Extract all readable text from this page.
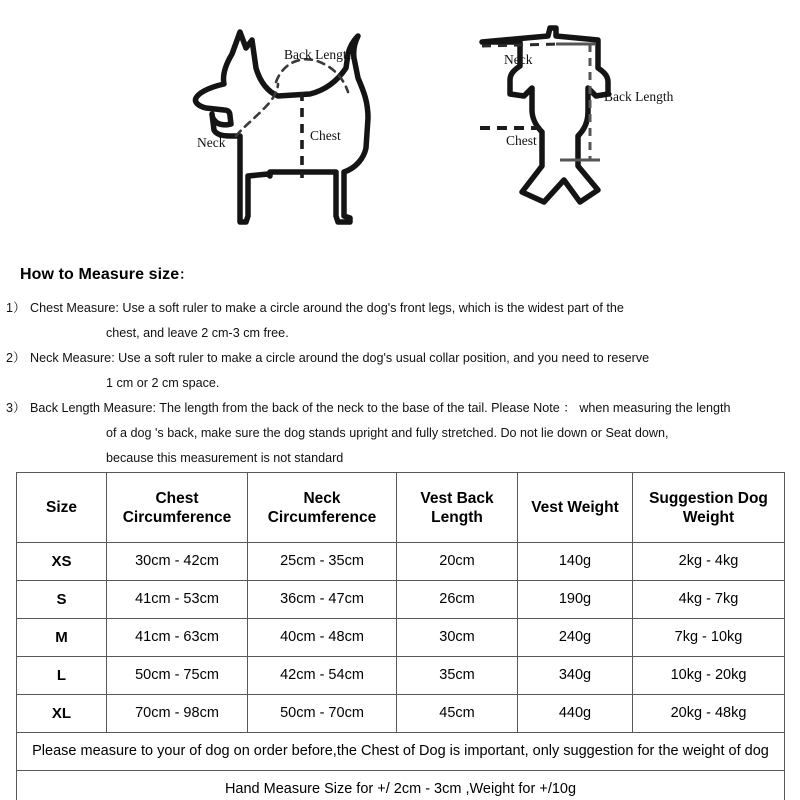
Back Length
Neck	Chest
Neck
Chest
Back Length
How to Measure size：
1） Chest Measure: Use a soft ruler to make a circle around the dog's front legs, which is the widest part of the
chest, and leave 2 cm-3 cm free.
2） Neck Measure: Use a soft ruler to make a circle around the dog's usual collar position, and you need to reserve
1 cm or 2 cm space.
3） Back Length Measure: The length from the back of the neck to the base of the tail. Please Note ： when measuring the length
of a dog 's back, make sure the dog stands upright and fully stretched. Do not lie down or Seat down,
because this measurement is not standard
Size	Chest Circumference	Neck Circumference	Vest Back Length	Vest Weight	Suggestion Dog Weight
XS	30cm - 42cm	25cm - 35cm	20cm	140g	2kg - 4kg
S	41cm - 53cm	36cm - 47cm	26cm	190g	4kg - 7kg
M	41cm - 63cm	40cm - 48cm	30cm	240g	7kg - 10kg
L	50cm - 75cm	42cm - 54cm	35cm	340g	10kg - 20kg
XL	70cm - 98cm	50cm - 70cm	45cm	440g	20kg - 48kg
Please measure to your of dog on order before,the Chest of Dog is important, only suggestion for the weight of dog					
Hand Measure Size for +/ 2cm - 3cm ,Weight for +/10g					
